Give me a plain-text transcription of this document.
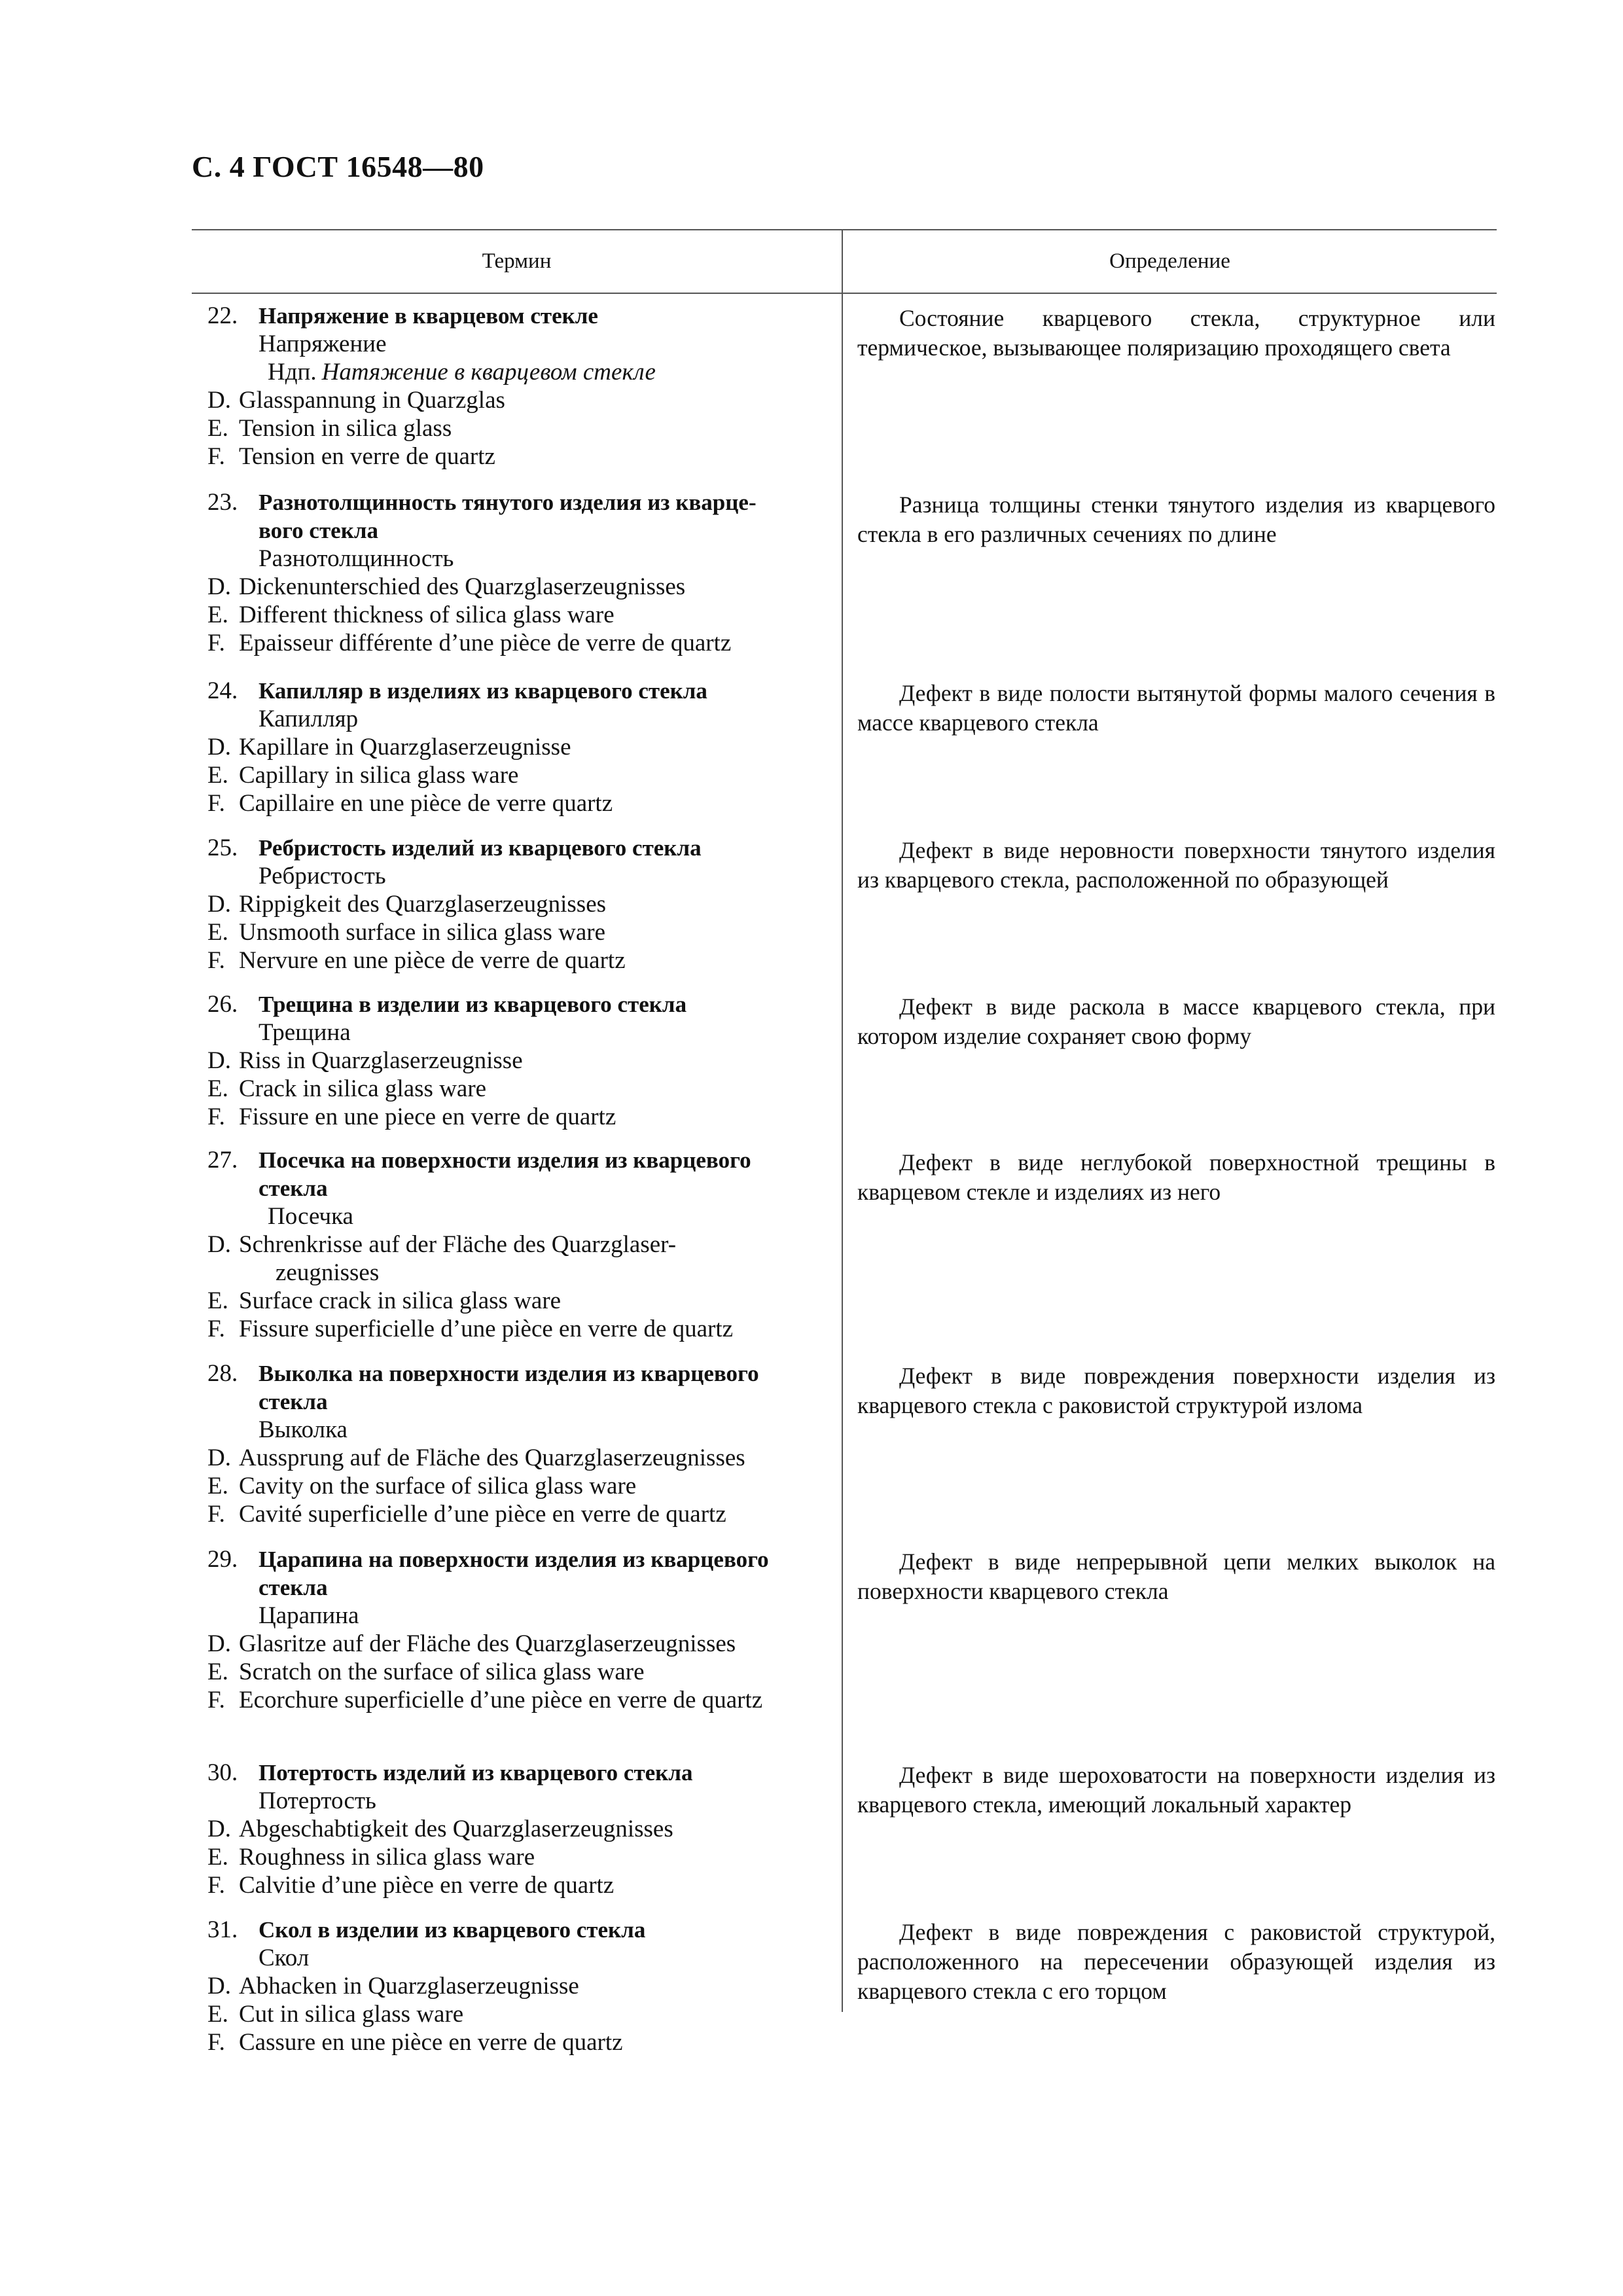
С. 4 ГОСТ 16548—80
Термин	Определение
22. Напряжение в кварцевом стекле
Напряжение
Ндп. Натяжение в кварцевом стекле
D. Glasspannung in Quarzglas
E. Tension in silica glass
F. Tension en verre de quartz
Состояние кварцевого стекла, структурное или термическое, вызывающее поляризацию проходящего света
23. Разнотолщинность тянутого изделия из кварце-
вого стекла
Разнотолщинность
D. Dickenunterschied des Quarzglaserzeugnisses
E. Different thickness of silica glass ware
F. Epaisseur différente d’une pièce de verre de quartz
Разница толщины стенки тянутого изделия из кварцевого стекла в его различных сечениях по длине
24. Капилляр в изделиях из кварцевого стекла
Капилляр
D. Kapillare in Quarzglaserzeugnisse
E. Capillary in silica glass ware
F. Capillaire en une pièce de verre quartz
Дефект в виде полости вытянутой формы малого сечения в массе кварцевого стекла
25. Ребристость изделий из кварцевого стекла
Ребристость
D. Rippigkeit des Quarzglaserzeugnisses
E. Unsmooth surface in silica glass ware
F. Nervure en une pièce de verre de quartz
Дефект в виде неровности поверхности тянутого изделия из кварцевого стекла, расположенной по образующей
26. Трещина в изделии из кварцевого стекла
Трещина
D. Riss in Quarzglaserzeugnisse
E. Crack in silica glass ware
F. Fissure en une piece en verre de quartz
Дефект в виде раскола в массе кварцевого стекла, при котором изделие сохраняет свою форму
27. Посечка на поверхности изделия из кварцевого
стекла
Посечка
D. Schrenkrisse auf der Fläche des Quarzglaser-
zeugnisses
E. Surface crack in silica glass ware
F. Fissure superficielle d’une pièce en verre de quartz
Дефект в виде неглубокой поверхностной трещины в кварцевом стекле и изделиях из него
28. Выколка на поверхности изделия из кварцевого
стекла
Выколка
D. Aussprung auf de Fläche des Quarzglaserzeugnisses
E. Cavity on the surface of silica glass ware
F. Cavité superficielle d’une pièce en verre de quartz
Дефект в виде повреждения поверхности изделия из кварцевого стекла с раковистой структурой излома
29. Царапина на поверхности изделия из кварцевого
стекла
Царапина
D. Glasritze auf der Fläche des Quarzglaserzeugnisses
E. Scratch on the surface of silica glass ware
F. Ecorchure superficielle d’une pièce en verre de quartz
Дефект в виде непрерывной цепи мелких выколок на поверхности кварцевого стекла
30. Потертость изделий из кварцевого стекла
Потертость
D. Abgeschabtigkeit des Quarzglaserzeugnisses
E. Roughness in silica glass ware
F. Calvitie d’une pièce en verre de quartz
Дефект в виде шероховатости на поверхности изделия из кварцевого стекла, имеющий локальный характер
31. Скол в изделии из кварцевого стекла
Скол
D. Abhacken in Quarzglaserzeugnisse
E. Cut in silica glass ware
F. Cassure en une pièce en verre de quartz
Дефект в виде повреждения с раковистой структурой, расположенного на пересечении образующей изделия из кварцевого стекла с его торцом
